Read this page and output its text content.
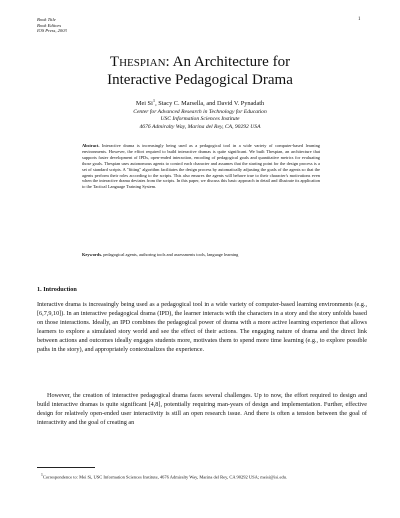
Book Title
Book Editors
IOS Press, 2003
1
Thespian: An Architecture for
Interactive Pedagogical Drama
Mei Si$^1$, Stacy C. Marsella, and David V. Pynadath
Center for Advanced Research in Technology for Education
USC Information Sciences Institute
4676 Admiralty Way, Marina del Rey, CA, 90292 USA
Abstract. Interactive drama is increasingly being used as a pedagogical tool in a wide variety of computer-based learning environments. However, the effort required to build interactive dramas is quite significant. We built Thespian, an architecture that supports faster development of IPDs, open-ended interaction, encoding of pedagogical goals and quantitative metrics for evaluating those goals. Thespian uses autonomous agents to control each character and assumes that the starting point for the design process is a set of standard scripts. A "fitting" algorithm facilitates the design process by automatically adjusting the goals of the agents so that the agents perform their roles according to the scripts. This also ensures the agents will behave true to their character's motivations even when the interactive drama deviates from the scripts. In this paper, we discuss this basic approach in detail and illustrate its application to the Tactical Language Training System.
Keywords. pedagogical agents, authoring tools and assessments tools, language learning
1. Introduction
Interactive drama is increasingly being used as a pedagogical tool in a wide variety of computer-based learning environments (e.g., [6,7,9,10]). In an interactive pedagogical drama (IPD), the learner interacts with the characters in a story and the story unfolds based on those interactions. Ideally, an IPD combines the pedagogical power of drama with a more active learning experience that allows learners to explore a simulated story world and see the effect of their actions. The engaging nature of drama and the direct link between actions and outcomes ideally engages students more, motivates them to spend more time learning (e.g., to explore possible paths in the story), and appropriately contextualizes the experience.
However, the creation of interactive pedagogical drama faces several challenges. Up to now, the effort required to design and build interactive dramas is quite significant [4,8], potentially requiring man-years of design and implementation. Further, effective design for relatively open-ended user interactivity is still an open research issue. And there is often a tension between the goal of interactivity and the goal of creating an
$^1$Correspondence to: Mei Si, USC Information Sciences Institute, 4676 Admiralty Way, Marina del Rey, CA 90292 USA; meisi@isi.edu.
